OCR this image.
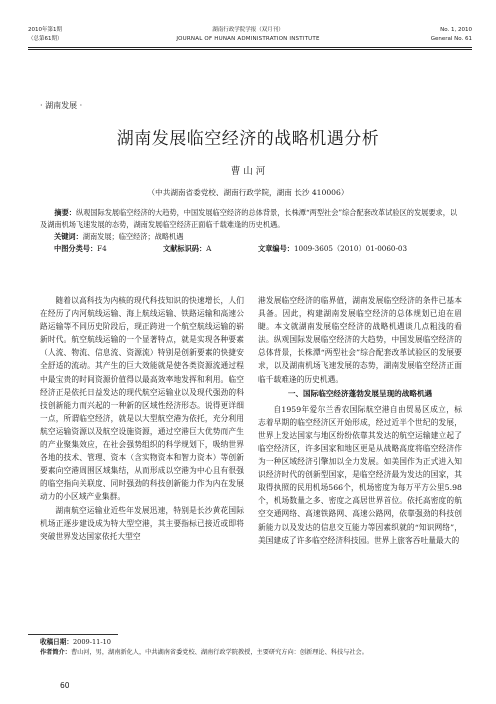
2010年第1期
（总第61期）
湖南行政学院学报（双月刊）
JOURNAL OF HUNAN ADMINISTRATION INSTITUTE
No. 1, 2010
General No. 61
· 湖南发展 ·
湖南发展临空经济的战略机遇分析
曹 山 河
（中共湖南省委党校、湖南行政学院，湖南 长沙 410006）
摘要：纵观国际发展临空经济的大趋势，中国发展临空经济的总体背景，长株潭“两型社会”综合配套改革试验区的发展要求，以及湖南机场飞速发展的态势，湖南发展临空经济正面临千载难逢的历史机遇。
关键词：湖南发展；临空经济；战略机遇
中图分类号：F4	文献标识码：A	文章编号：1009-3605（2010）01-0060-03

随着以高科技为内核的现代科技知识的快速增长，人们在经历了内河航线运输、海上航线运输、铁路运输和高速公路运输等不同历史阶段后，现正跨进一个航空航线运输的崭新时代。航空航线运输的一个显著特点，就是实现各种要素（人流、物流、信息流、资源流）特别是创新要素的快捷安全舒适的流动。其产生的巨大效能就是使各类资源流通过程中最宝贵的时间资源价值得以最高效率地发挥和利用。临空经济正是依托日益发达的现代航空运输业以及现代强劲的科技创新能力而兴起的一种新的区域性经济形态。说得更详细一点，所谓临空经济，就是以大型航空港为依托，充分利用航空运输资源以及航空设施资源，通过空港巨大优势而产生的产业聚集效应，在社会强势组织的科学规划下，吸纳世界各地的技术、管理、资本（含实物资本和智力资本）等创新要素向空港周围区域集结，从而形成以空港为中心且有很强的临空指向关联度、同时强劲的科技创新能力作为内在发展动力的小区域产业集群。

湖南航空运输业近些年发展迅速，特别是长沙黄花国际机场正逐步建设成为特大型空港，其主要指标已接近或即将突破世界发达国家依托大型空

港发展临空经济的临界值，湖南发展临空经济的条件已基本具备。因此，构建湖南发展临空经济的总体规划已迫在眉睫。本文就湖南发展临空经济的战略机遇谈几点粗浅的看法。纵观国际发展临空经济的大趋势，中国发展临空经济的总体背景，长株潭“两型社会”综合配套改革试验区的发展要求，以及湖南机场飞速发展的态势，湖南发展临空经济正面临千载难逢的历史机遇。

一、国际临空经济蓬勃发展呈现的战略机遇

自1959年爱尔兰香农国际航空港自由贸易区成立，标志着早期的临空经济区开始形成，经过近半个世纪的发展，世界上发达国家与地区纷纷依靠其发达的航空运输建立起了临空经济区，许多国家和地区更是从战略高度将临空经济作为一种区域经济引擎加以全力发展。如美国作为正式进入知识经济时代的创新型国家，是临空经济最为发达的国家，其取得执照的民用机场566个，机场密度为每万平方公里5.98个，机场数量之多、密度之高居世界首位。依托高密度的航空交通网络、高速铁路网、高速公路网，依靠强劲的科技创新能力以及发达的信息交互能力等因素织就的“知识网络”，美国建成了许多临空经济科技园。世界上旅客吞吐量最大的

收稿日期：2009-11-10
作者简介：曹山河，男，湖南新化人，中共湖南省委党校、湖南行政学院教授，主要研究方向：创新理论、科技与社会。
60
